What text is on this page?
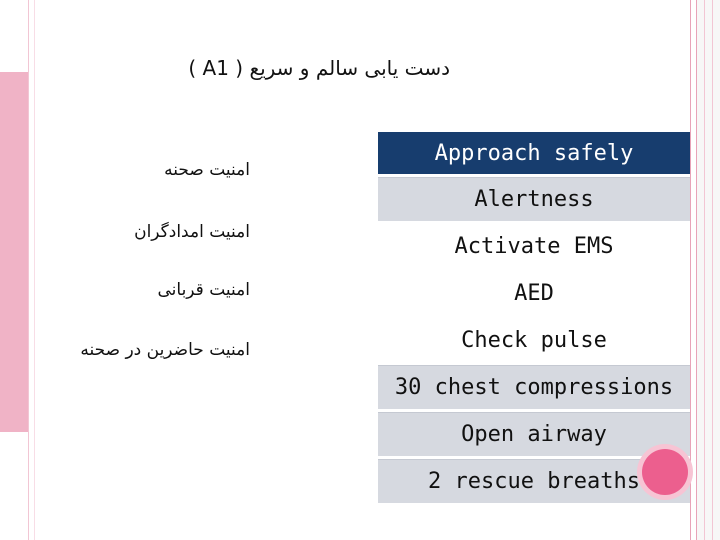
دست یابی سالم و سریع ( A1 )
امنیت صحنه
امنیت امدادگران
امنیت قربانی
امنیت حاضرین در صحنه
Approach safely
Alertness
Activate EMS
AED
Check pulse
30 chest compressions
Open airway
2 rescue breaths
